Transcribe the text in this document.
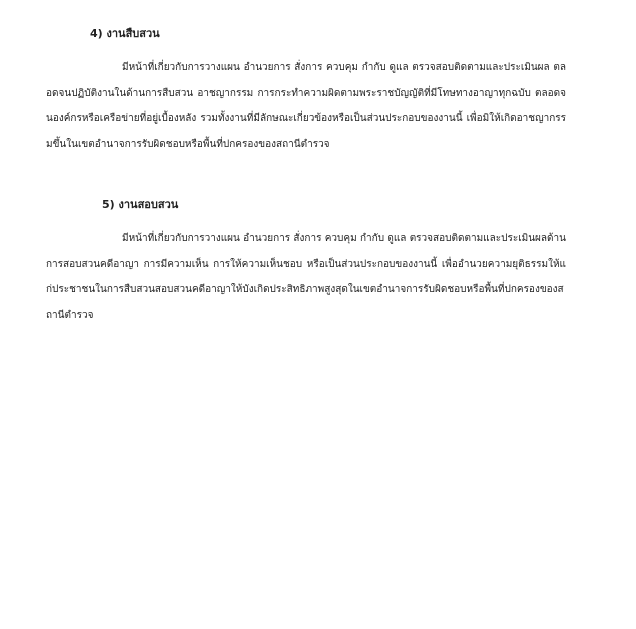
4) งานสืบสวน

มีหน้าที่เกี่ยวกับการวางแผน อำนวยการ สั่งการ ควบคุม กำกับ ดูแล ตรวจสอบติดตามและประเมินผล ตลอดจนปฏิบัติงานในด้านการสืบสวน อาชญากรรม การกระทำความผิดตามพระราชบัญญัติที่มีโทษทางอาญาทุกฉบับ ตลอดจนองค์กรหรือเครือข่ายที่อยู่เบื้องหลัง รวมทั้งงานที่มีลักษณะเกี่ยวข้องหรือเป็นส่วนประกอบของงานนี้ เพื่อมิให้เกิดอาชญากรรมขึ้นในเขตอำนาจการรับผิดชอบหรือพื้นที่ปกครองของสถานีตำรวจ

5) งานสอบสวน

มีหน้าที่เกี่ยวกับการวางแผน อำนวยการ สั่งการ ควบคุม กำกับ ดูแล ตรวจสอบติดตามและประเมินผลด้านการสอบสวนคดีอาญา การมีความเห็น การให้ความเห็นชอบ หรือเป็นส่วนประกอบของงานนี้ เพื่ออำนวยความยุติธรรมให้แก่ประชาชนในการสืบสวนสอบสวนคดีอาญาให้บังเกิดประสิทธิภาพสูงสุดในเขตอำนาจการรับผิดชอบหรือพื้นที่ปกครองของสถานีตำรวจ
